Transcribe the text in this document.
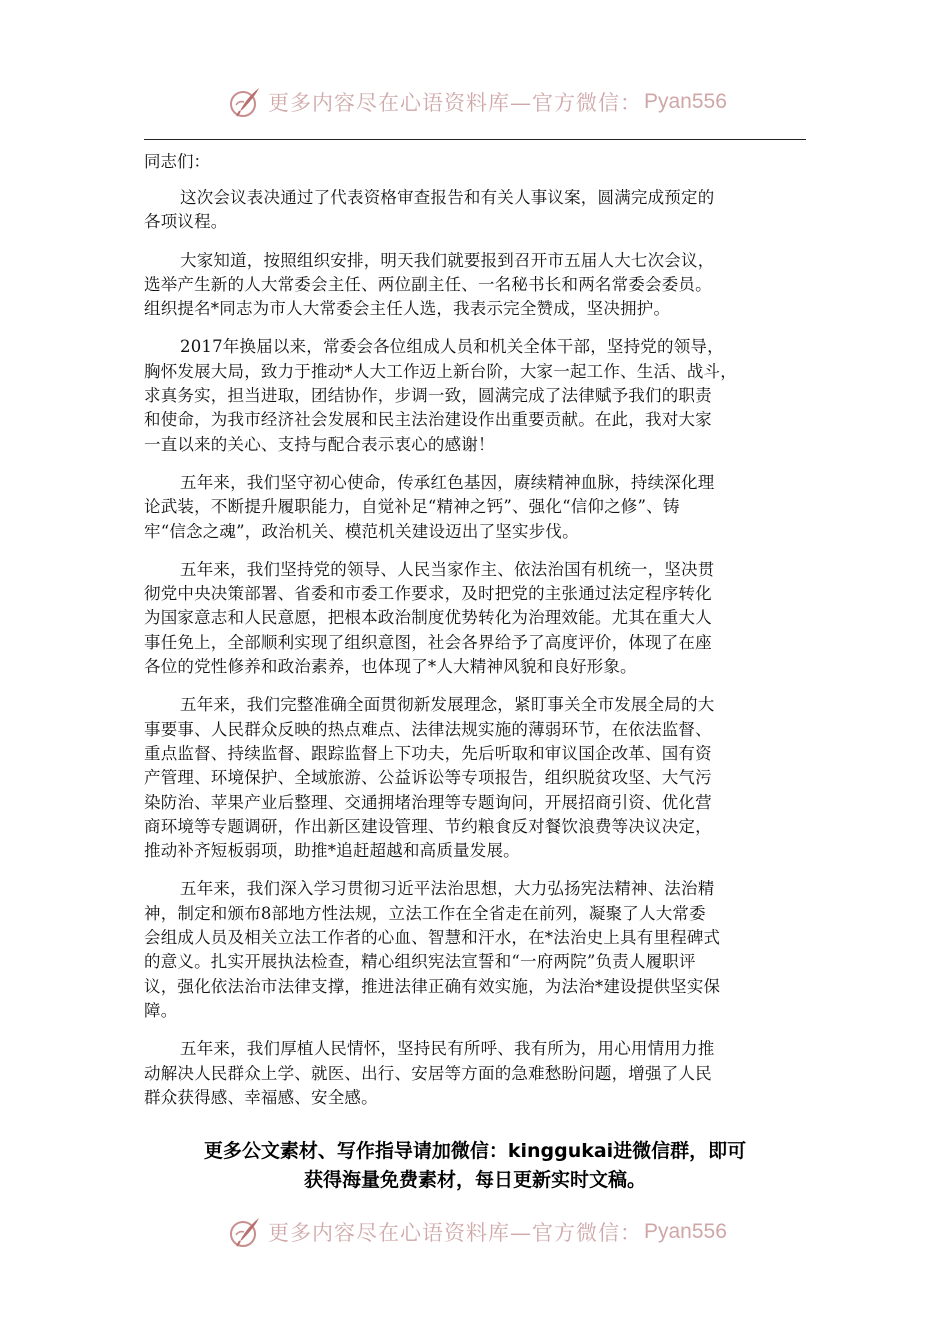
更多内容尽在心语资料库—官方微信： Pyan556
同志们：
这次会议表决通过了代表资格审查报告和有关人事议案，圆满完成预定的
各项议程。
大家知道，按照组织安排，明天我们就要报到召开市五届人大七次会议，
选举产生新的人大常委会主任、两位副主任、一名秘书长和两名常委会委员。
组织提名*同志为市人大常委会主任人选，我表示完全赞成，坚决拥护。
2017年换届以来，常委会各位组成人员和机关全体干部，坚持党的领导，
胸怀发展大局，致力于推动*人大工作迈上新台阶，大家一起工作、生活、战斗，
求真务实，担当进取，团结协作，步调一致，圆满完成了法律赋予我们的职责
和使命，为我市经济社会发展和民主法治建设作出重要贡献。在此，我对大家
一直以来的关心、支持与配合表示衷心的感谢！
五年来，我们坚守初心使命，传承红色基因，赓续精神血脉，持续深化理
论武装，不断提升履职能力，自觉补足“精神之钙”、强化“信仰之修”、铸
牢“信念之魂”，政治机关、模范机关建设迈出了坚实步伐。
五年来，我们坚持党的领导、人民当家作主、依法治国有机统一，坚决贯
彻党中央决策部署、省委和市委工作要求，及时把党的主张通过法定程序转化
为国家意志和人民意愿，把根本政治制度优势转化为治理效能。尤其在重大人
事任免上，全部顺利实现了组织意图，社会各界给予了高度评价，体现了在座
各位的党性修养和政治素养，也体现了*人大精神风貌和良好形象。
五年来，我们完整准确全面贯彻新发展理念，紧盯事关全市发展全局的大
事要事、人民群众反映的热点难点、法律法规实施的薄弱环节，在依法监督、
重点监督、持续监督、跟踪监督上下功夫，先后听取和审议国企改革、国有资
产管理、环境保护、全域旅游、公益诉讼等专项报告，组织脱贫攻坚、大气污
染防治、苹果产业后整理、交通拥堵治理等专题询问，开展招商引资、优化营
商环境等专题调研，作出新区建设管理、节约粮食反对餐饮浪费等决议决定，
推动补齐短板弱项，助推*追赶超越和高质量发展。
五年来，我们深入学习贯彻习近平法治思想，大力弘扬宪法精神、法治精
神，制定和颁布8部地方性法规，立法工作在全省走在前列，凝聚了人大常委
会组成人员及相关立法工作者的心血、智慧和汗水，在*法治史上具有里程碑式
的意义。扎实开展执法检查，精心组织宪法宣誓和“一府两院”负责人履职评
议，强化依法治市法律支撑，推进法律正确有效实施，为法治*建设提供坚实保
障。
五年来，我们厚植人民情怀，坚持民有所呼、我有所为，用心用情用力推
动解决人民群众上学、就医、出行、安居等方面的急难愁盼问题，增强了人民
群众获得感、幸福感、安全感。
更多公文素材、写作指导请加微信：kinggukai进微信群，即可
获得海量免费素材，每日更新实时文稿。
更多内容尽在心语资料库—官方微信： Pyan556
